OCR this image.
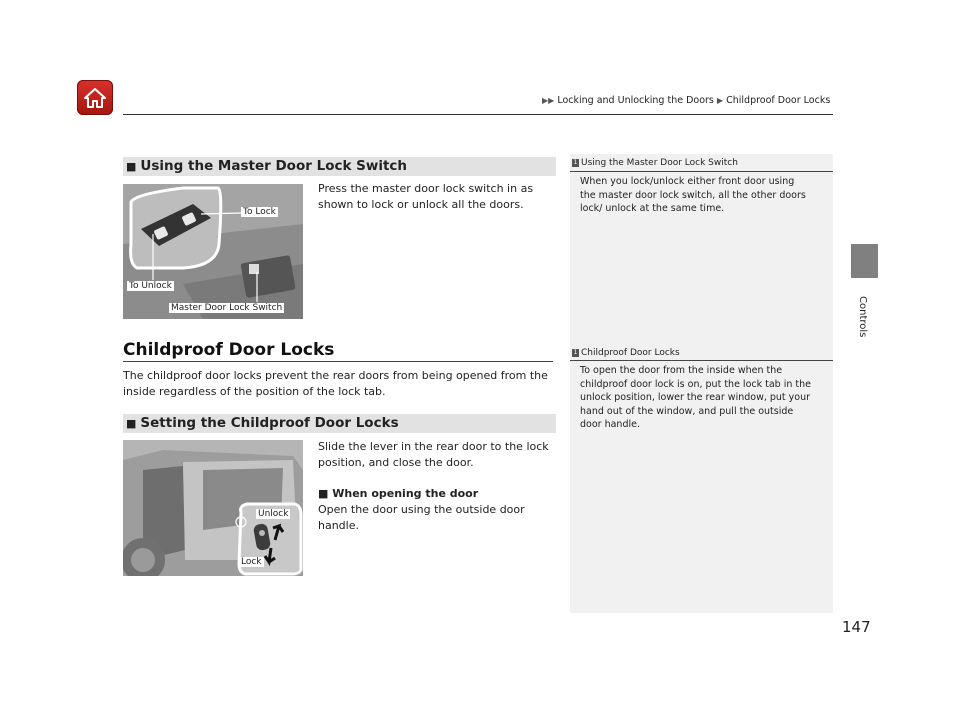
▶▶ Locking and Unlocking the Doors ▶ Childproof Door Locks
Controls
■ Using the Master Door Lock Switch
To Lock
To Unlock
Master Door Lock Switch
Press the master door lock switch in as shown to lock or unlock all the doors.
Childproof Door Locks
The childproof door locks prevent the rear doors from being opened from the inside regardless of the position of the lock tab.
■ Setting the Childproof Door Locks
Unlock
Lock
Slide the lever in the rear door to the lock position, and close the door.
■ When opening the door
Open the door using the outside door handle.
1 Using the Master Door Lock Switch
When you lock/unlock either front door using the master door lock switch, all the other doors lock/ unlock at the same time.
1 Childproof Door Locks
To open the door from the inside when the childproof door lock is on, put the lock tab in the unlock position, lower the rear window, put your hand out of the window, and pull the outside door handle.
147
